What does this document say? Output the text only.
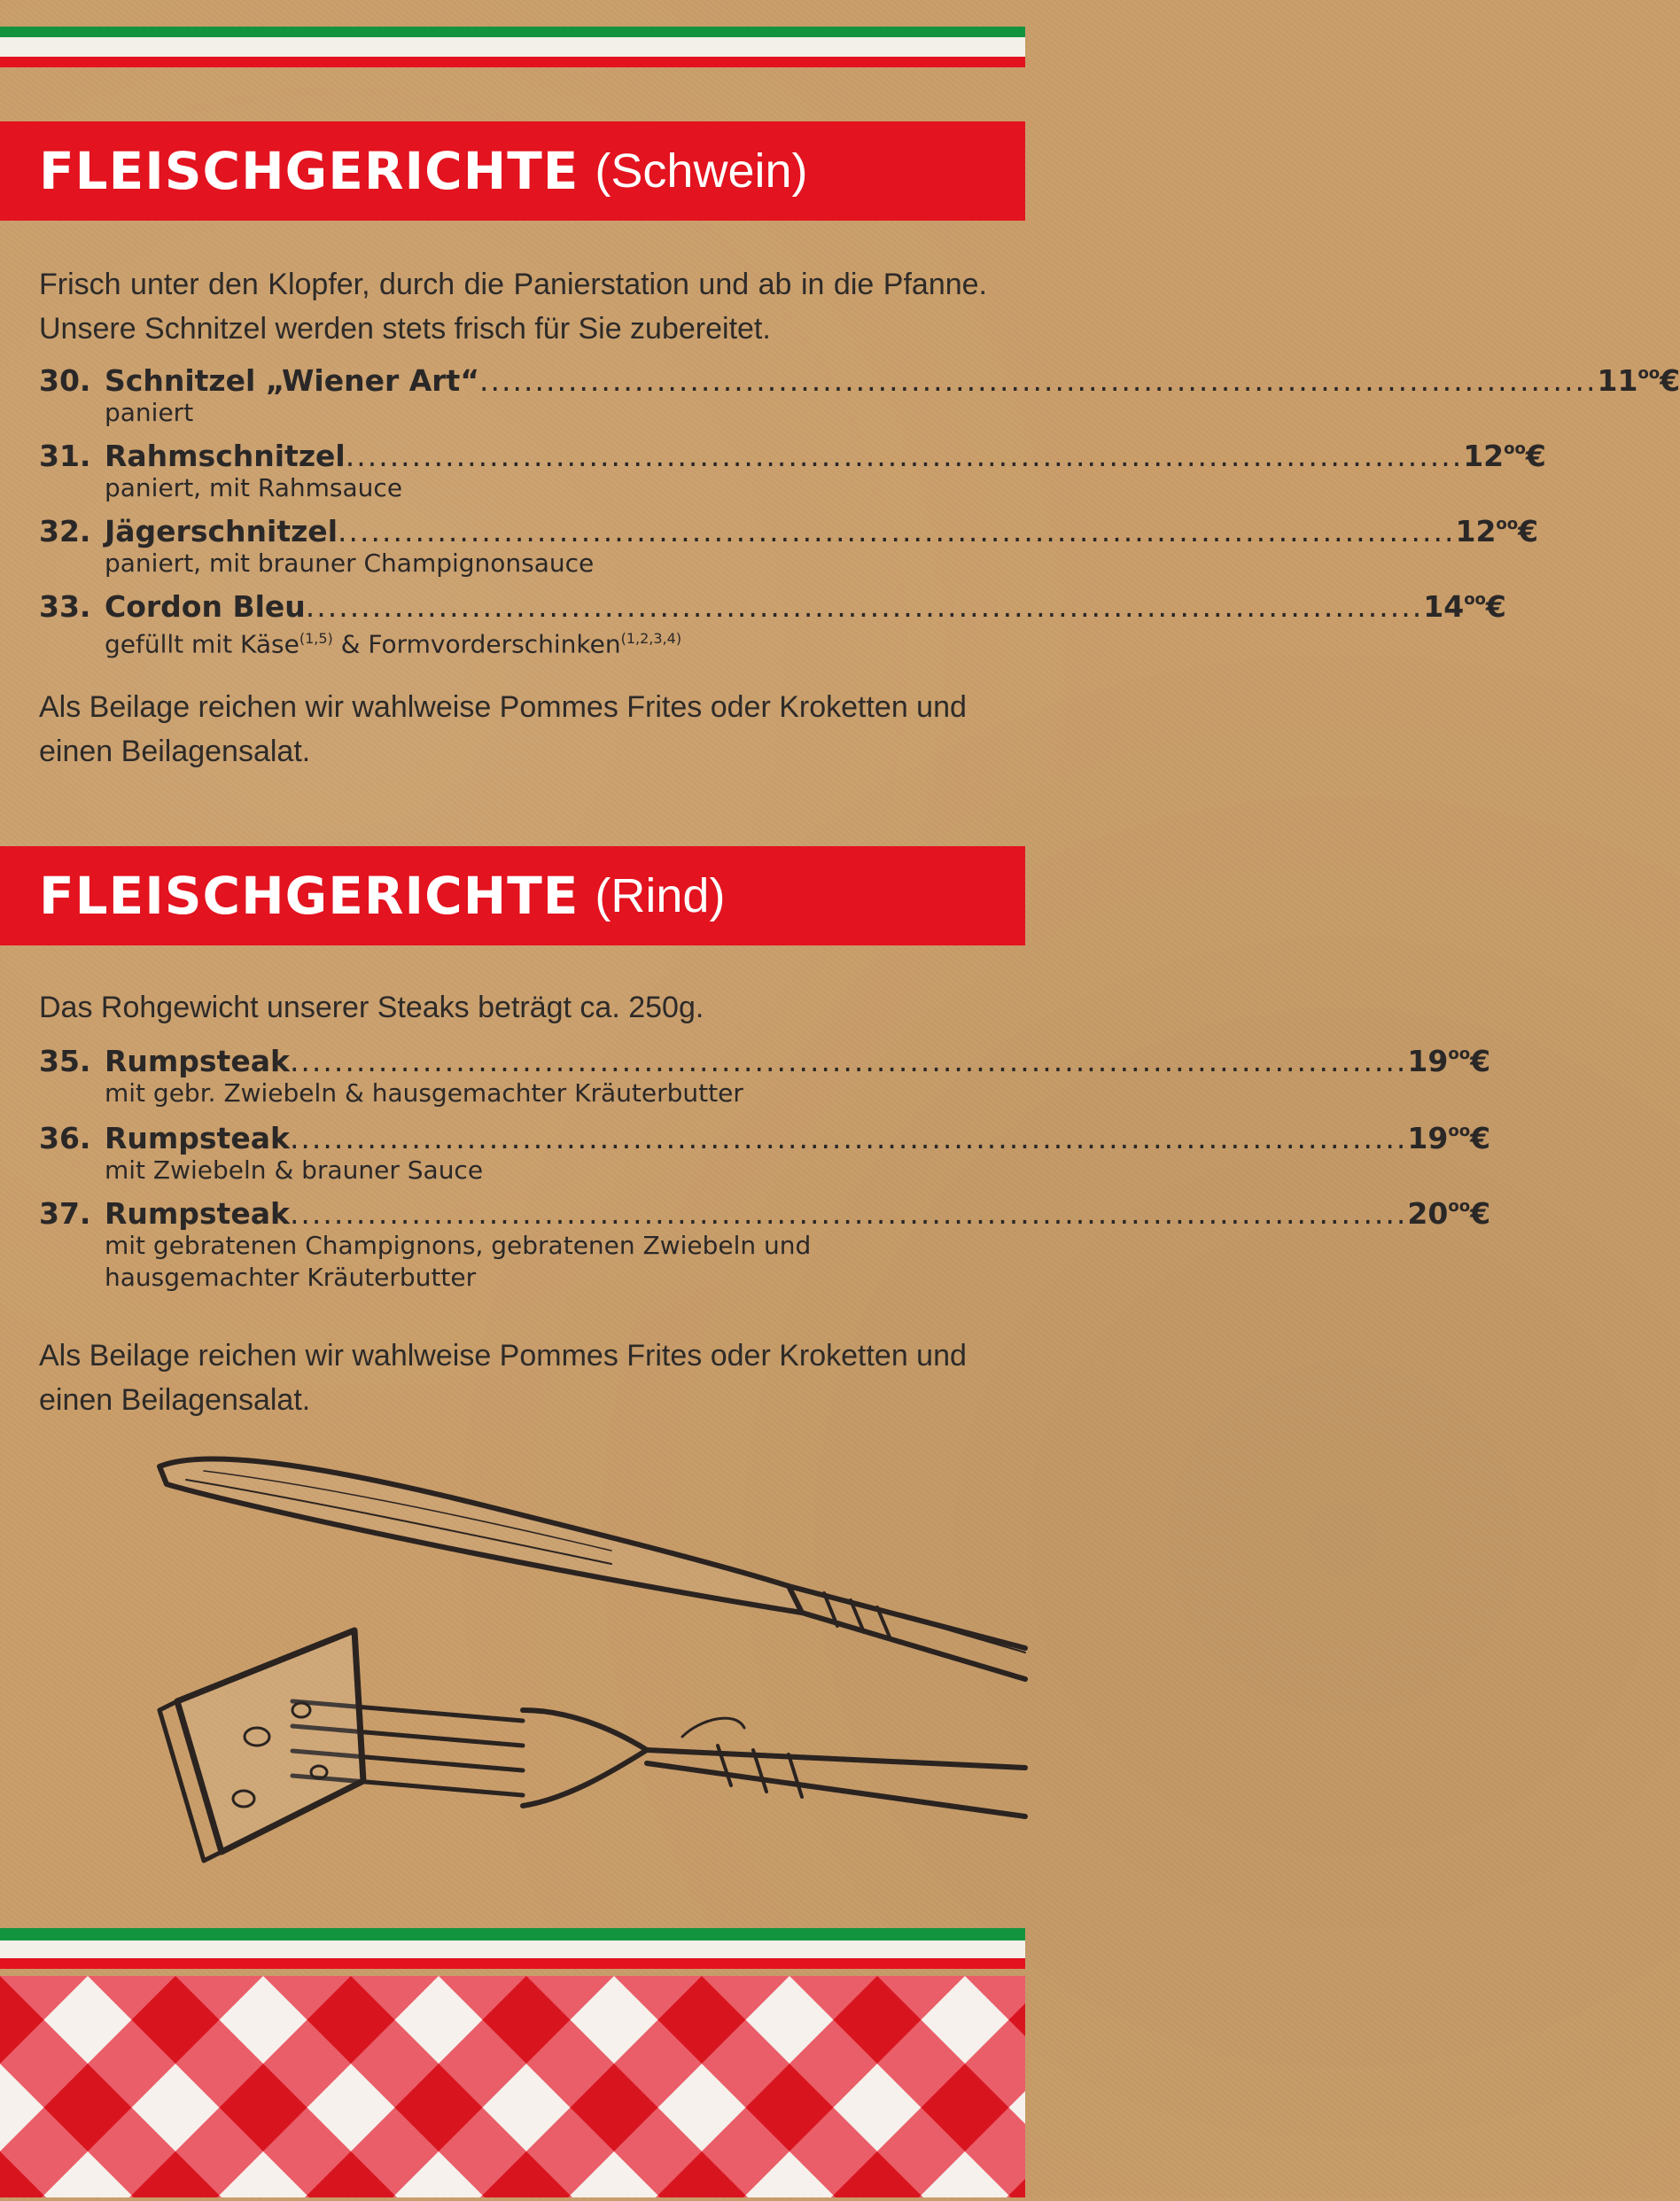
FLEISCHGERICHTE (Schwein)
Frisch unter den Klopfer, durch die Panierstation und ab in die Pfanne. Unsere Schnitzel werden stets frisch für Sie zubereitet.
30. Schnitzel „Wiener Art“ ..................................................................................................... $11^{oo}€$
paniert
31. Rahmschnitzel ..................................................................................................... $12^{oo}€$
paniert, mit Rahmsauce
32. Jägerschnitzel ..................................................................................................... $12^{oo}€$
paniert, mit brauner Champignonsauce
33. Cordon Bleu ..................................................................................................... $14^{oo}€$
gefüllt mit Käse$^{(1,5)}$ & Formvorderschinken$^{(1,2,3,4)}$
Als Beilage reichen wir wahlweise Pommes Frites oder Kroketten und einen Beilagensalat.
FLEISCHGERICHTE (Rind)
Das Rohgewicht unserer Steaks beträgt ca. 250g.
35. Rumpsteak ..................................................................................................... $19^{oo}€$
mit gebr. Zwiebeln & hausgemachter Kräuterbutter
36. Rumpsteak ..................................................................................................... $19^{oo}€$
mit Zwiebeln & brauner Sauce
37. Rumpsteak ..................................................................................................... $20^{oo}€$
mit gebratenen Champignons, gebratenen Zwiebeln und hausgemachter Kräuterbutter
Als Beilage reichen wir wahlweise Pommes Frites oder Kroketten und einen Beilagensalat.
